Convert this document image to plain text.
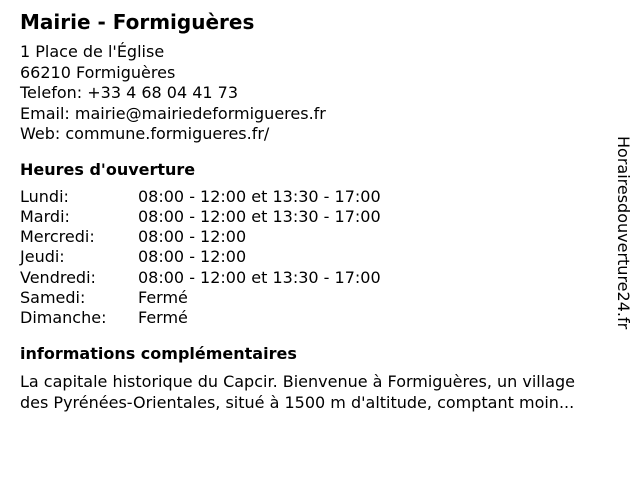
Mairie - Formiguères
1 Place de l'Église
66210 Formiguères
Telefon: +33 4 68 04 41 73
Email: mairie@mairiedeformigueres.fr
Web: commune.formigueres.fr/
Heures d'ouverture
Lundi:	08:00 - 12:00 et 13:30 - 17:00
Mardi:	08:00 - 12:00 et 13:30 - 17:00
Mercredi:	08:00 - 12:00
Jeudi:	08:00 - 12:00
Vendredi:	08:00 - 12:00 et 13:30 - 17:00
Samedi:	Fermé
Dimanche:	Fermé
informations complémentaires
La capitale historique du Capcir. Bienvenue à Formiguères, un village
des Pyrénées-Orientales, situé à 1500 m d'altitude, comptant moin...
Horairesdouverture24.fr
